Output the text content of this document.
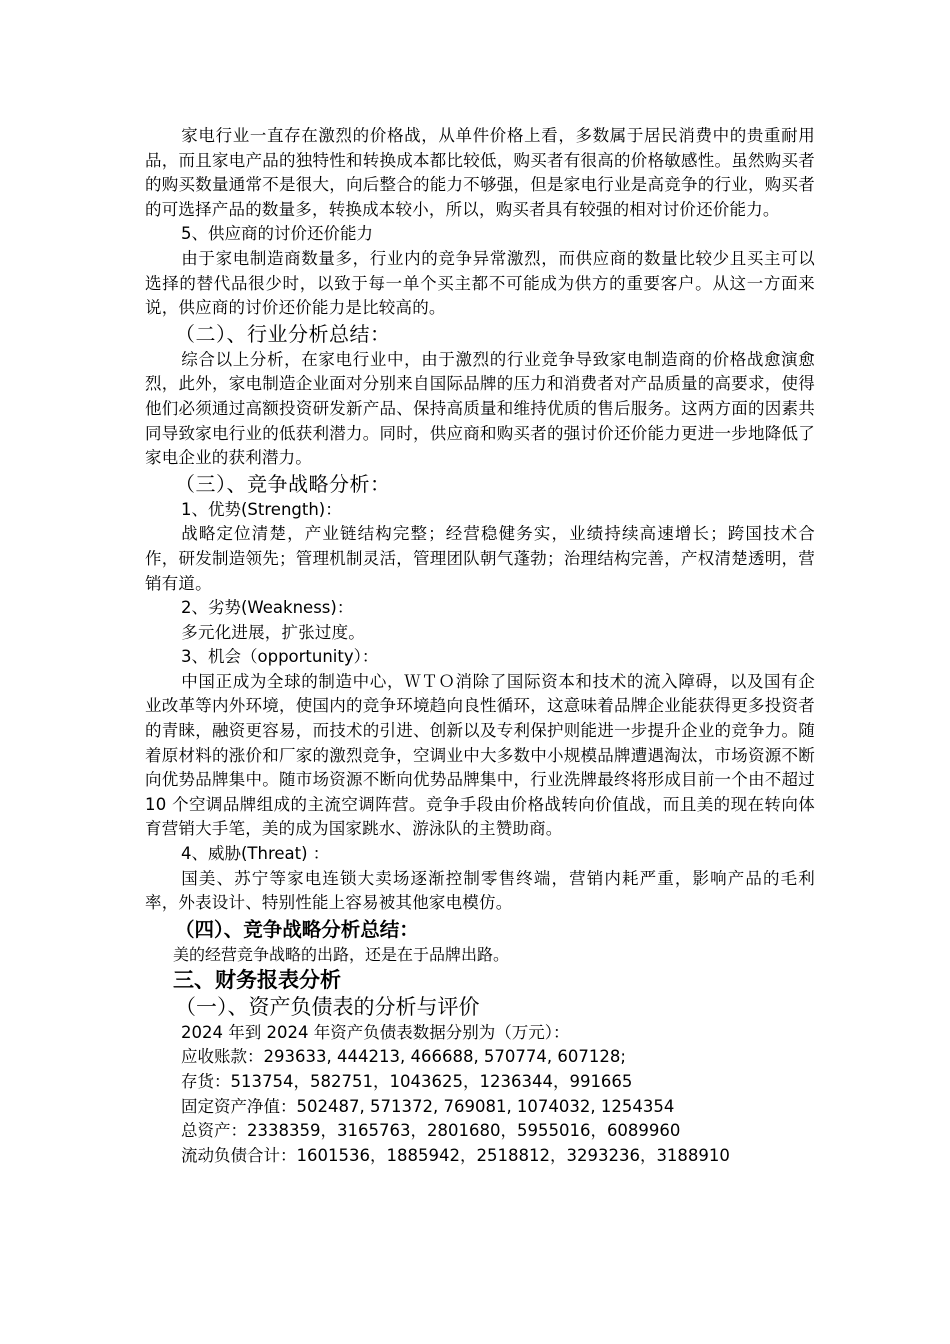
家电行业一直存在激烈的价格战，从单件价格上看，多数属于居民消费中的贵重耐用品，而且家电产品的独特性和转换成本都比较低，购买者有很高的价格敏感性。虽然购买者的购买数量通常不是很大，向后整合的能力不够强，但是家电行业是高竞争的行业，购买者的可选择产品的数量多，转换成本较小，所以，购买者具有较强的相对讨价还价能力。

5、供应商的讨价还价能力

由于家电制造商数量多，行业内的竞争异常激烈，而供应商的数量比较少且买主可以选择的替代品很少时，以致于每一单个买主都不可能成为供方的重要客户。从这一方面来说，供应商的讨价还价能力是比较高的。

（二）、行业分析总结：

综合以上分析，在家电行业中，由于激烈的行业竞争导致家电制造商的价格战愈演愈烈，此外，家电制造企业面对分别来自国际品牌的压力和消费者对产品质量的高要求，使得他们必须通过高额投资研发新产品、保持高质量和维持优质的售后服务。这两方面的因素共同导致家电行业的低获利潜力。同时，供应商和购买者的强讨价还价能力更进一步地降低了家电企业的获利潜力。

（三）、竞争战略分析：

1、优势(Strength)：

战略定位清楚，产业链结构完整；经营稳健务实，业绩持续高速增长；跨国技术合作，研发制造领先；管理机制灵活，管理团队朝气蓬勃；治理结构完善，产权清楚透明，营销有道。

2、劣势(Weakness)：

多元化进展，扩张过度。

3、机会（opportunity）：

中国正成为全球的制造中心，ＷＴＯ消除了国际资本和技术的流入障碍，以及国有企业改革等内外环境，使国内的竞争环境趋向良性循环，这意味着品牌企业能获得更多投资者的青睐，融资更容易，而技术的引进、创新以及专利保护则能进一步提升企业的竞争力。随着原材料的涨价和厂家的激烈竞争，空调业中大多数中小规模品牌遭遇淘汰，市场资源不断向优势品牌集中。随市场资源不断向优势品牌集中，行业洗牌最终将形成目前一个由不超过 10 个空调品牌组成的主流空调阵营。竞争手段由价格战转向价值战，而且美的现在转向体育营销大手笔，美的成为国家跳水、游泳队的主赞助商。

4、威胁(Threat) ：

国美、苏宁等家电连锁大卖场逐渐控制零售终端，营销内耗严重，影响产品的毛利率，外表设计、特别性能上容易被其他家电模仿。

（四）、竞争战略分析总结：

美的经营竞争战略的出路，还是在于品牌出路。

三、财务报表分析

（一）、资产负债表的分析与评价

2024 年到 2024 年资产负债表数据分别为（万元）：

应收账款：293633, 444213, 466688, 570774, 607128;

存货：513754，582751，1043625，1236344，991665

固定资产净值：502487, 571372, 769081, 1074032, 1254354

总资产：2338359，3165763，2801680，5955016，6089960

流动负债合计：1601536，1885942，2518812，3293236，3188910
